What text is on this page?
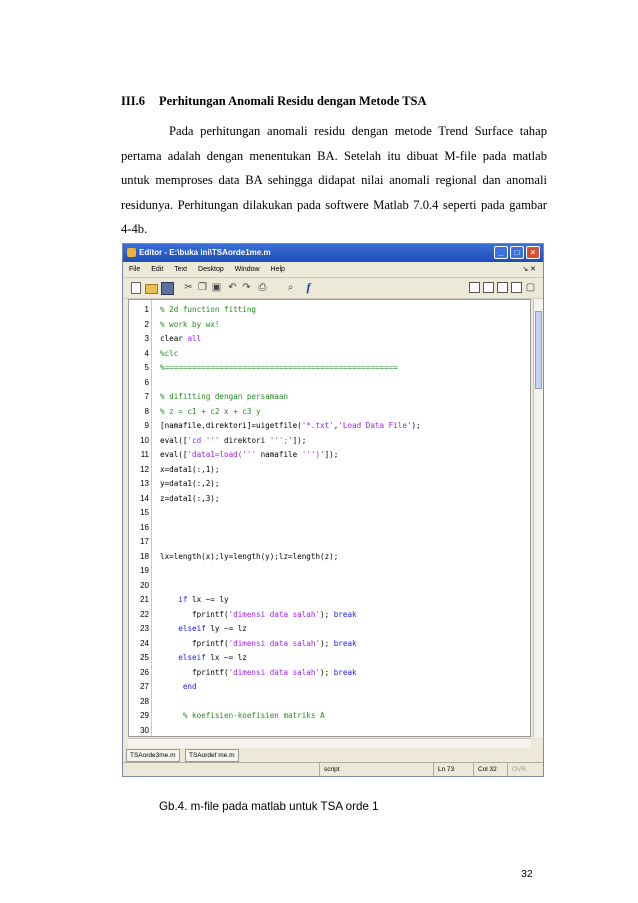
III.6 Perhitungan Anomali Residu dengan Metode TSA
Pada perhitungan anomali residu dengan metode Trend Surface tahap pertama adalah dengan menentukan BA. Setelah itu dibuat M-file pada matlab untuk memproses data BA sehingga didapat nilai anomali regional dan anomali residunya. Perhitungan dilakukan pada softwere Matlab 7.0.4 seperti pada gambar 4-4b.
Editor - E:\buka ini\TSAorde1me.m	_	□	×
File Edit Text Desktop Window Help	↘ ✕
✂ ❐ ▣ ↶ ↷ ⎙ ⌕ f	▢
1 % 2d function fitting
2 % work by wx!
3 clear all
4 %clc
5 %===================================================
6
7 % difitting dengan persamaan
8 % z = c1 + c2 x + c3 y
9 [namafile,direktori]=uigetfile('*.txt','Load Data File');
10 eval(['cd ''' direktori ''';']);
11 eval(['data1=load(''' namafile ''')']);
12 x=data1(:,1);
13 y=data1(:,2);
14 z=data1(:,3);
15
16
17
18 lx=length(x);ly=length(y);lz=length(z);
19
20
21	if lx ~= ly
22 fprintf('dimensi data salah'); break
23	elseif ly ~= lz
24 fprintf('dimensi data salah'); break
25	elseif lx ~= lz
26 fprintf('dimensi data salah'); break
27	end
28
29	% koefisien-koefisien matriks A
30
TSAorde3me.m	TSAordef me.m
script	Ln 73	Col 32	OVR
Gb.4. m-file pada matlab untuk TSA orde 1
32
